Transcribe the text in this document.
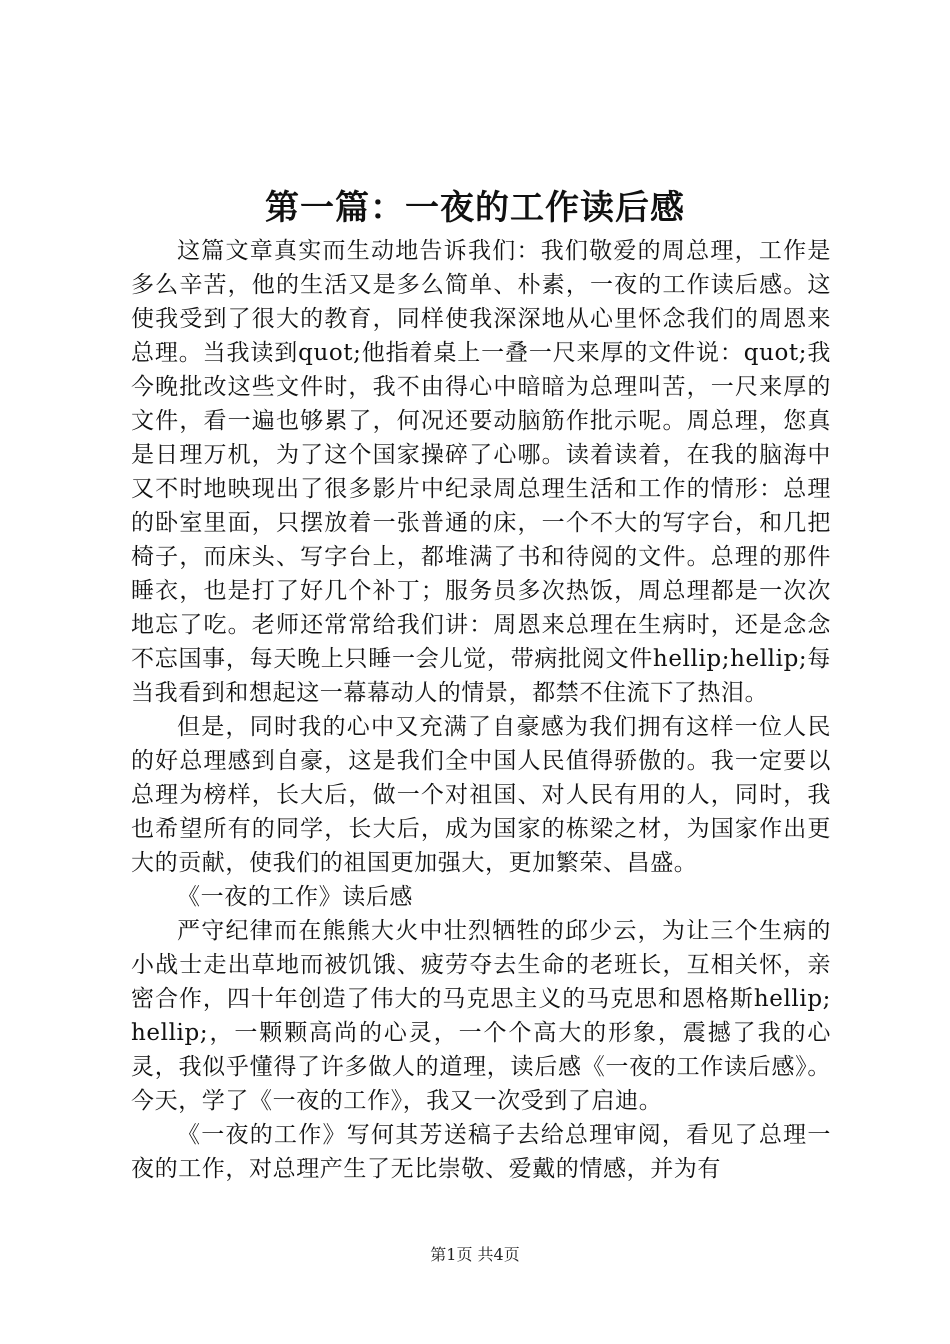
第一篇：一夜的工作读后感

这篇文章真实而生动地告诉我们：我们敬爱的周总理，工作是多么辛苦，他的生活又是多么简单、朴素，一夜的工作读后感。这使我受到了很大的教育，同样使我深深地从心里怀念我们的周恩来总理。当我读到quot;他指着桌上一叠一尺来厚的文件说：quot;我今晚批改这些文件时，我不由得心中暗暗为总理叫苦，一尺来厚的文件，看一遍也够累了，何况还要动脑筋作批示呢。周总理，您真是日理万机，为了这个国家操碎了心哪。读着读着，在我的脑海中又不时地映现出了很多影片中纪录周总理生活和工作的情形：总理的卧室里面，只摆放着一张普通的床，一个不大的写字台，和几把椅子，而床头、写字台上，都堆满了书和待阅的文件。总理的那件睡衣，也是打了好几个补丁；服务员多次热饭，周总理都是一次次地忘了吃。老师还常常给我们讲：周恩来总理在生病时，还是念念不忘国事，每天晚上只睡一会儿觉，带病批阅文件hellip;hellip;每当我看到和想起这一幕幕动人的情景，都禁不住流下了热泪。

但是，同时我的心中又充满了自豪感为我们拥有这样一位人民的好总理感到自豪，这是我们全中国人民值得骄傲的。我一定要以总理为榜样，长大后，做一个对祖国、对人民有用的人，同时，我也希望所有的同学，长大后，成为国家的栋梁之材，为国家作出更大的贡献，使我们的祖国更加强大，更加繁荣、昌盛。

《一夜的工作》读后感

严守纪律而在熊熊大火中壮烈牺牲的邱少云，为让三个生病的小战士走出草地而被饥饿、疲劳夺去生命的老班长，互相关怀，亲密合作，四十年创造了伟大的马克思主义的马克思和恩格斯hellip;hellip;，一颗颗高尚的心灵，一个个高大的形象，震撼了我的心灵，我似乎懂得了许多做人的道理，读后感《一夜的工作读后感》。今天，学了《一夜的工作》，我又一次受到了启迪。

《一夜的工作》写何其芳送稿子去给总理审阅，看见了总理一夜的工作，对总理产生了无比崇敬、爱戴的情感，并为有

第1页 共4页
